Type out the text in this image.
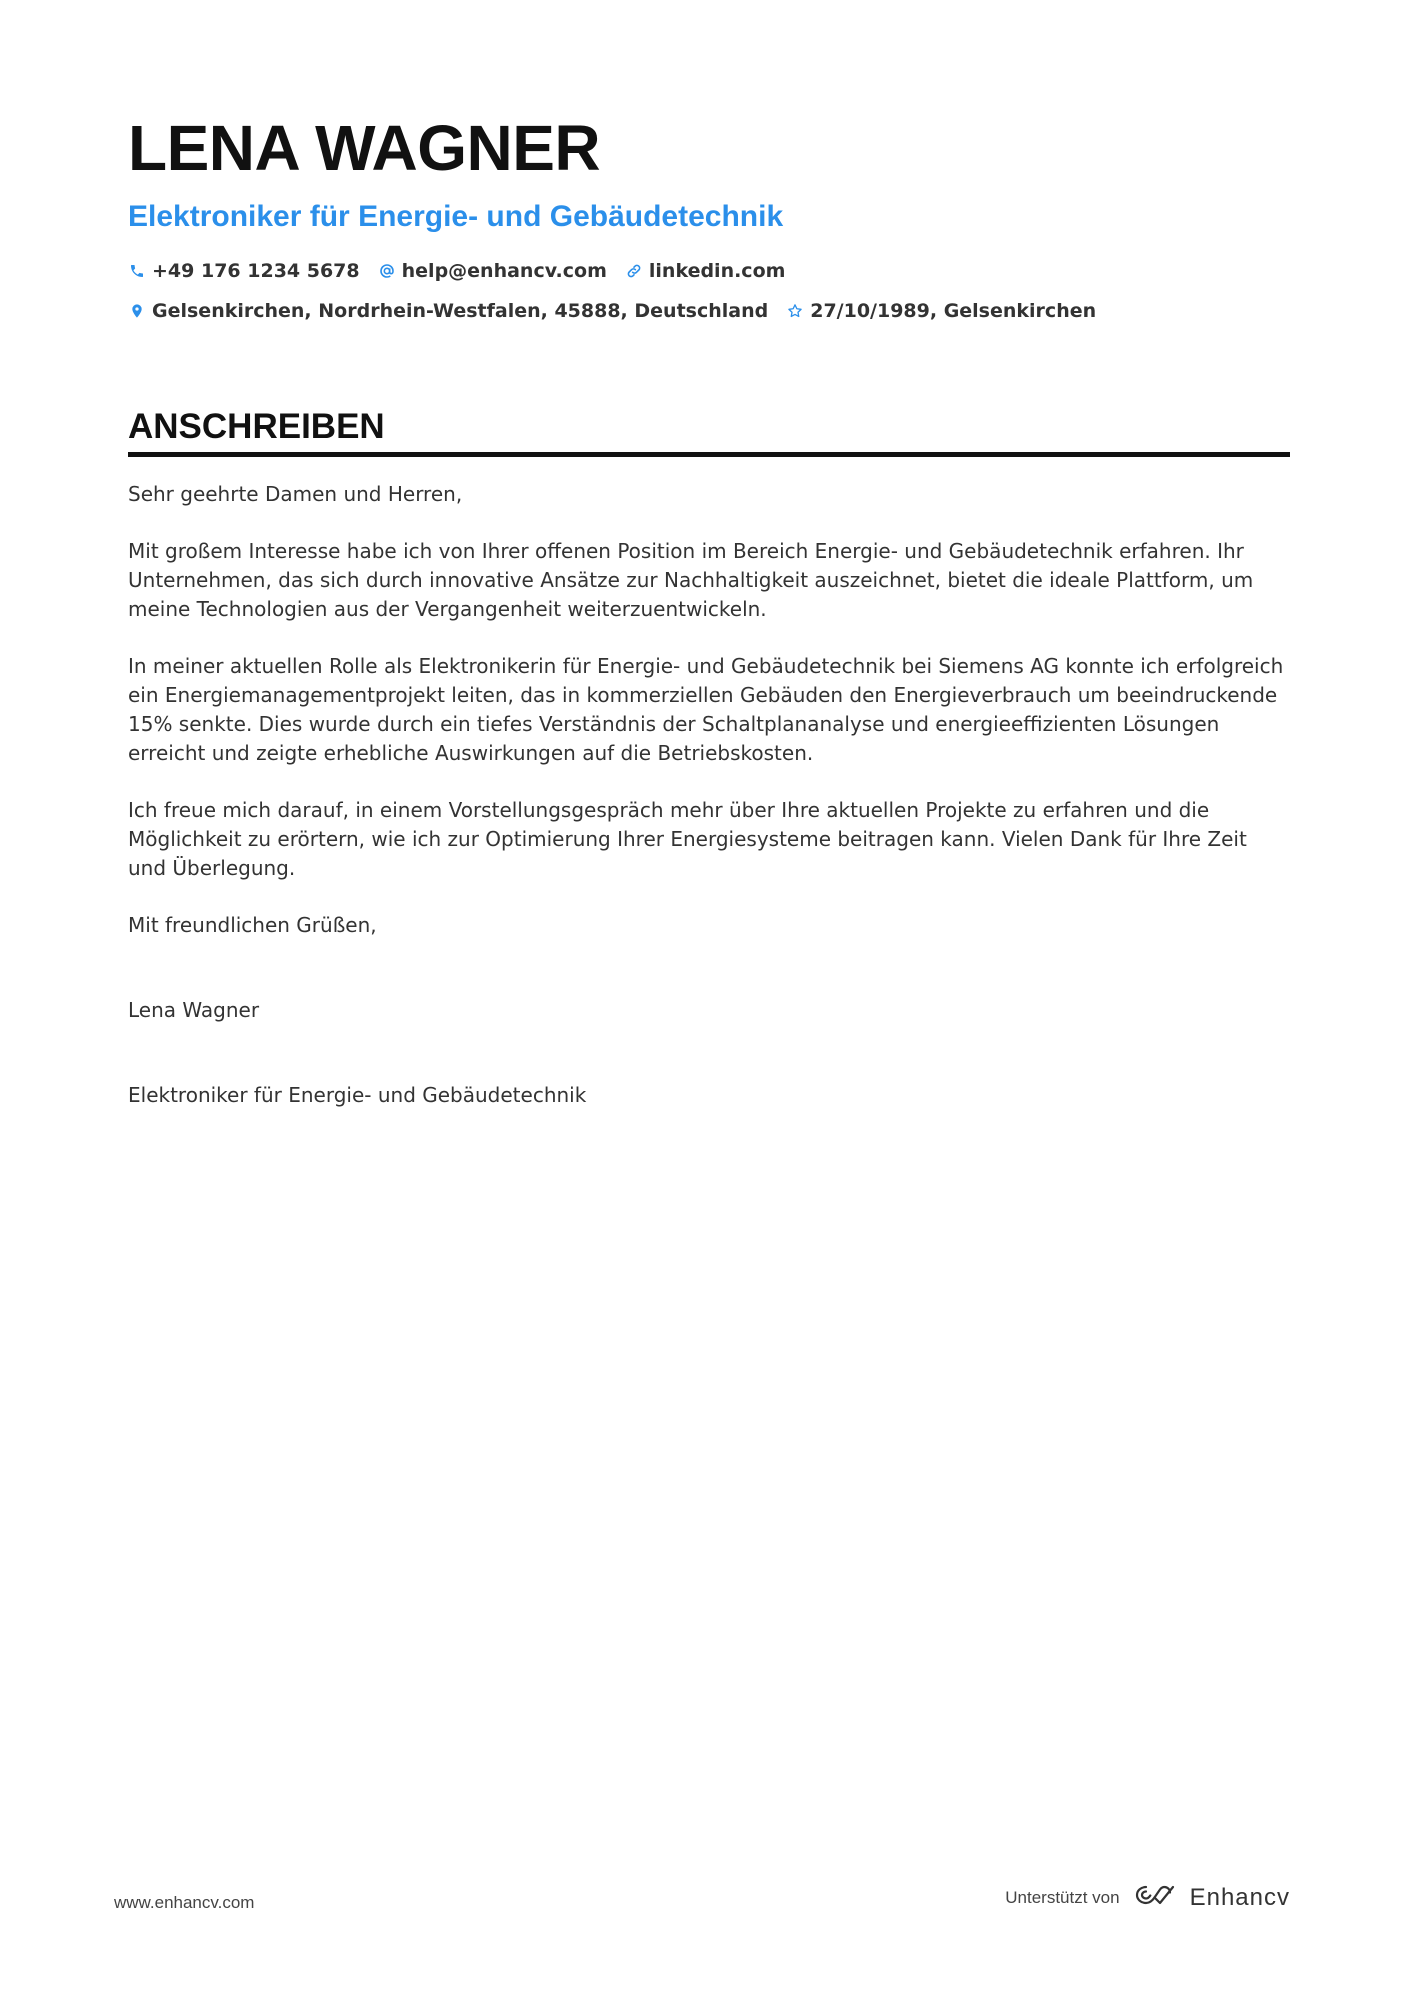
LENA WAGNER
Elektroniker für Energie- und Gebäudetechnik
+49 176 1234 5678 help@enhancv.com linkedin.com
Gelsenkirchen, Nordrhein-Westfalen, 45888, Deutschland 27/10/1989, Gelsenkirchen
ANSCHREIBEN

Sehr geehrte Damen und Herren,

Mit großem Interesse habe ich von Ihrer offenen Position im Bereich Energie- und Gebäudetechnik erfahren. Ihr Unternehmen, das sich durch innovative Ansätze zur Nachhaltigkeit auszeichnet, bietet die ideale Plattform, um meine Technologien aus der Vergangenheit weiterzuentwickeln.

In meiner aktuellen Rolle als Elektronikerin für Energie- und Gebäudetechnik bei Siemens AG konnte ich erfolgreich ein Energiemanagementprojekt leiten, das in kommerziellen Gebäuden den Energieverbrauch um beeindruckende 15% senkte. Dies wurde durch ein tiefes Verständnis der Schaltplananalyse und energieeffizienten Lösungen erreicht und zeigte erhebliche Auswirkungen auf die Betriebskosten.

Ich freue mich darauf, in einem Vorstellungsgespräch mehr über Ihre aktuellen Projekte zu erfahren und die Möglichkeit zu erörtern, wie ich zur Optimierung Ihrer Energiesysteme beitragen kann. Vielen Dank für Ihre Zeit und Überlegung.

Mit freundlichen Grüßen,

Lena Wagner

Elektroniker für Energie- und Gebäudetechnik

www.enhancv.com	Unterstützt von	Enhancv
